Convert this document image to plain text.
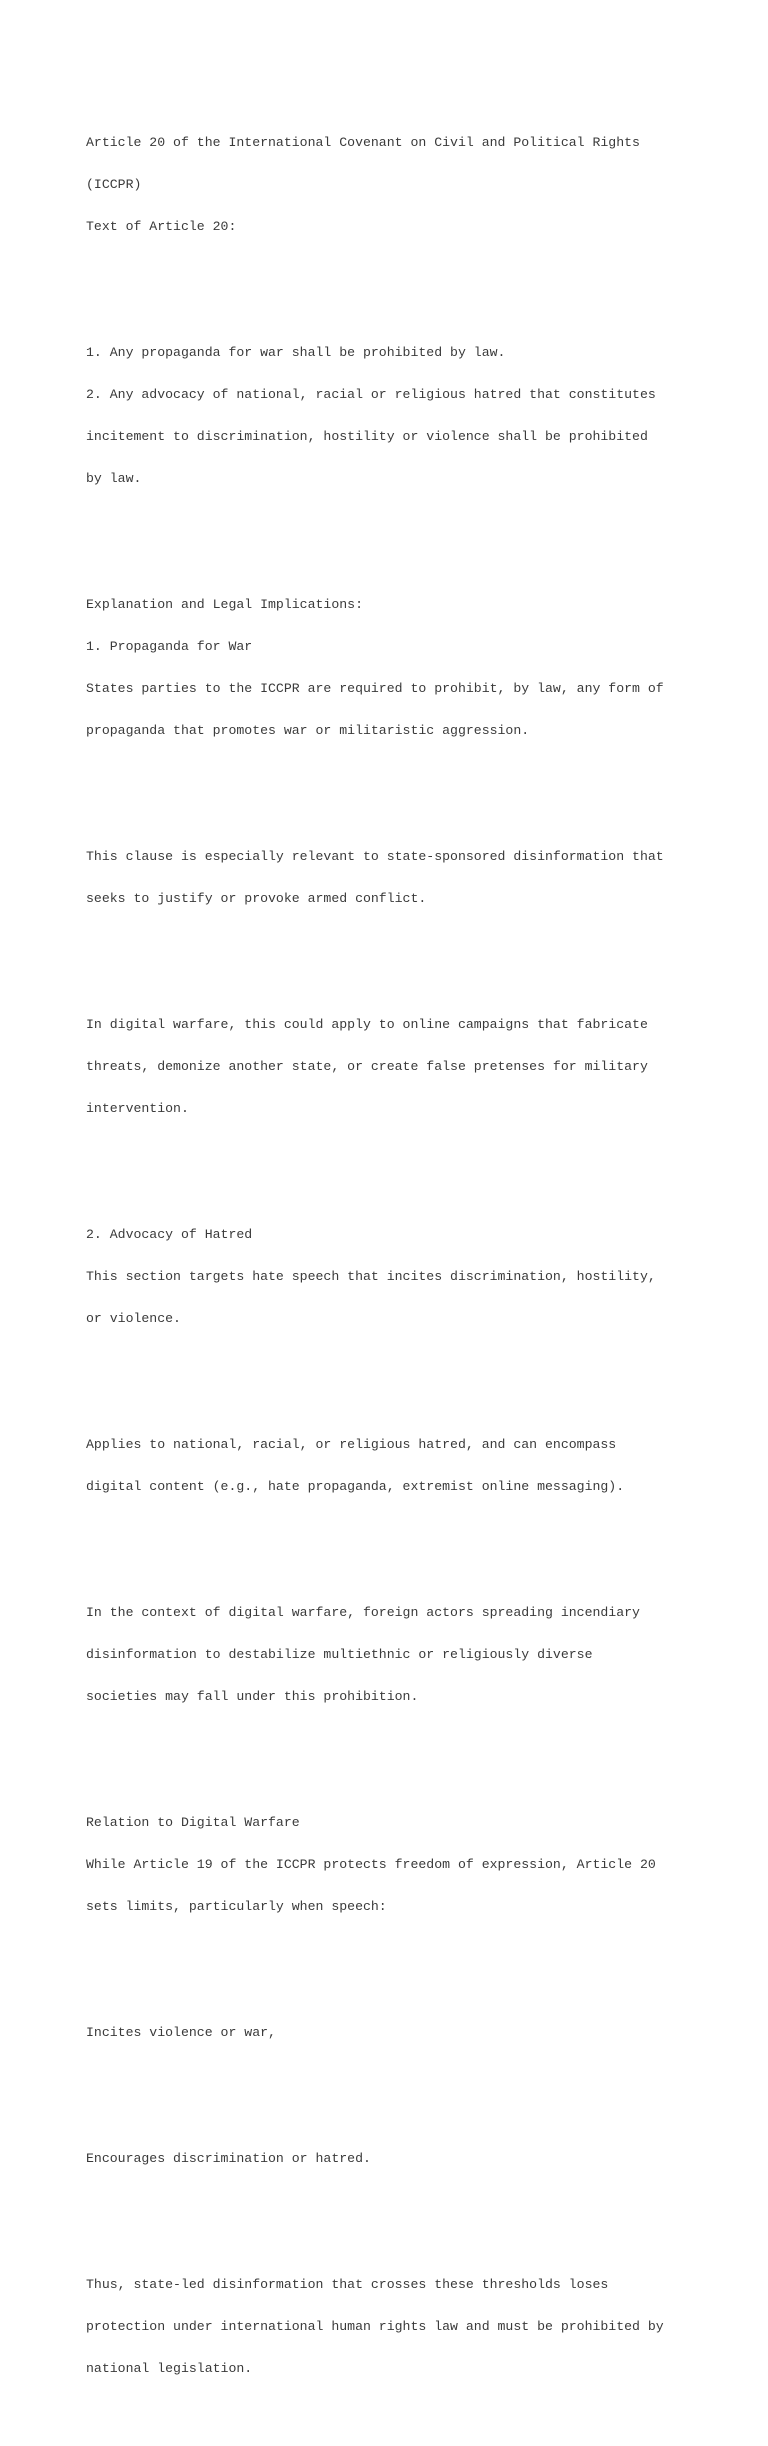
Article 20 of the International Covenant on Civil and Political Rights

(ICCPR)

Text of Article 20:

1. Any propaganda for war shall be prohibited by law.

2. Any advocacy of national, racial or religious hatred that constitutes

incitement to discrimination, hostility or violence shall be prohibited

by law.

Explanation and Legal Implications:

1. Propaganda for War

States parties to the ICCPR are required to prohibit, by law, any form of

propaganda that promotes war or militaristic aggression.

This clause is especially relevant to state-sponsored disinformation that

seeks to justify or provoke armed conflict.

In digital warfare, this could apply to online campaigns that fabricate

threats, demonize another state, or create false pretenses for military

intervention.

2. Advocacy of Hatred

This section targets hate speech that incites discrimination, hostility,

or violence.

Applies to national, racial, or religious hatred, and can encompass

digital content (e.g., hate propaganda, extremist online messaging).

In the context of digital warfare, foreign actors spreading incendiary

disinformation to destabilize multiethnic or religiously diverse

societies may fall under this prohibition.

Relation to Digital Warfare

While Article 19 of the ICCPR protects freedom of expression, Article 20

sets limits, particularly when speech:

Incites violence or war,

Encourages discrimination or hatred.

Thus, state-led disinformation that crosses these thresholds loses

protection under international human rights law and must be prohibited by

national legislation.
